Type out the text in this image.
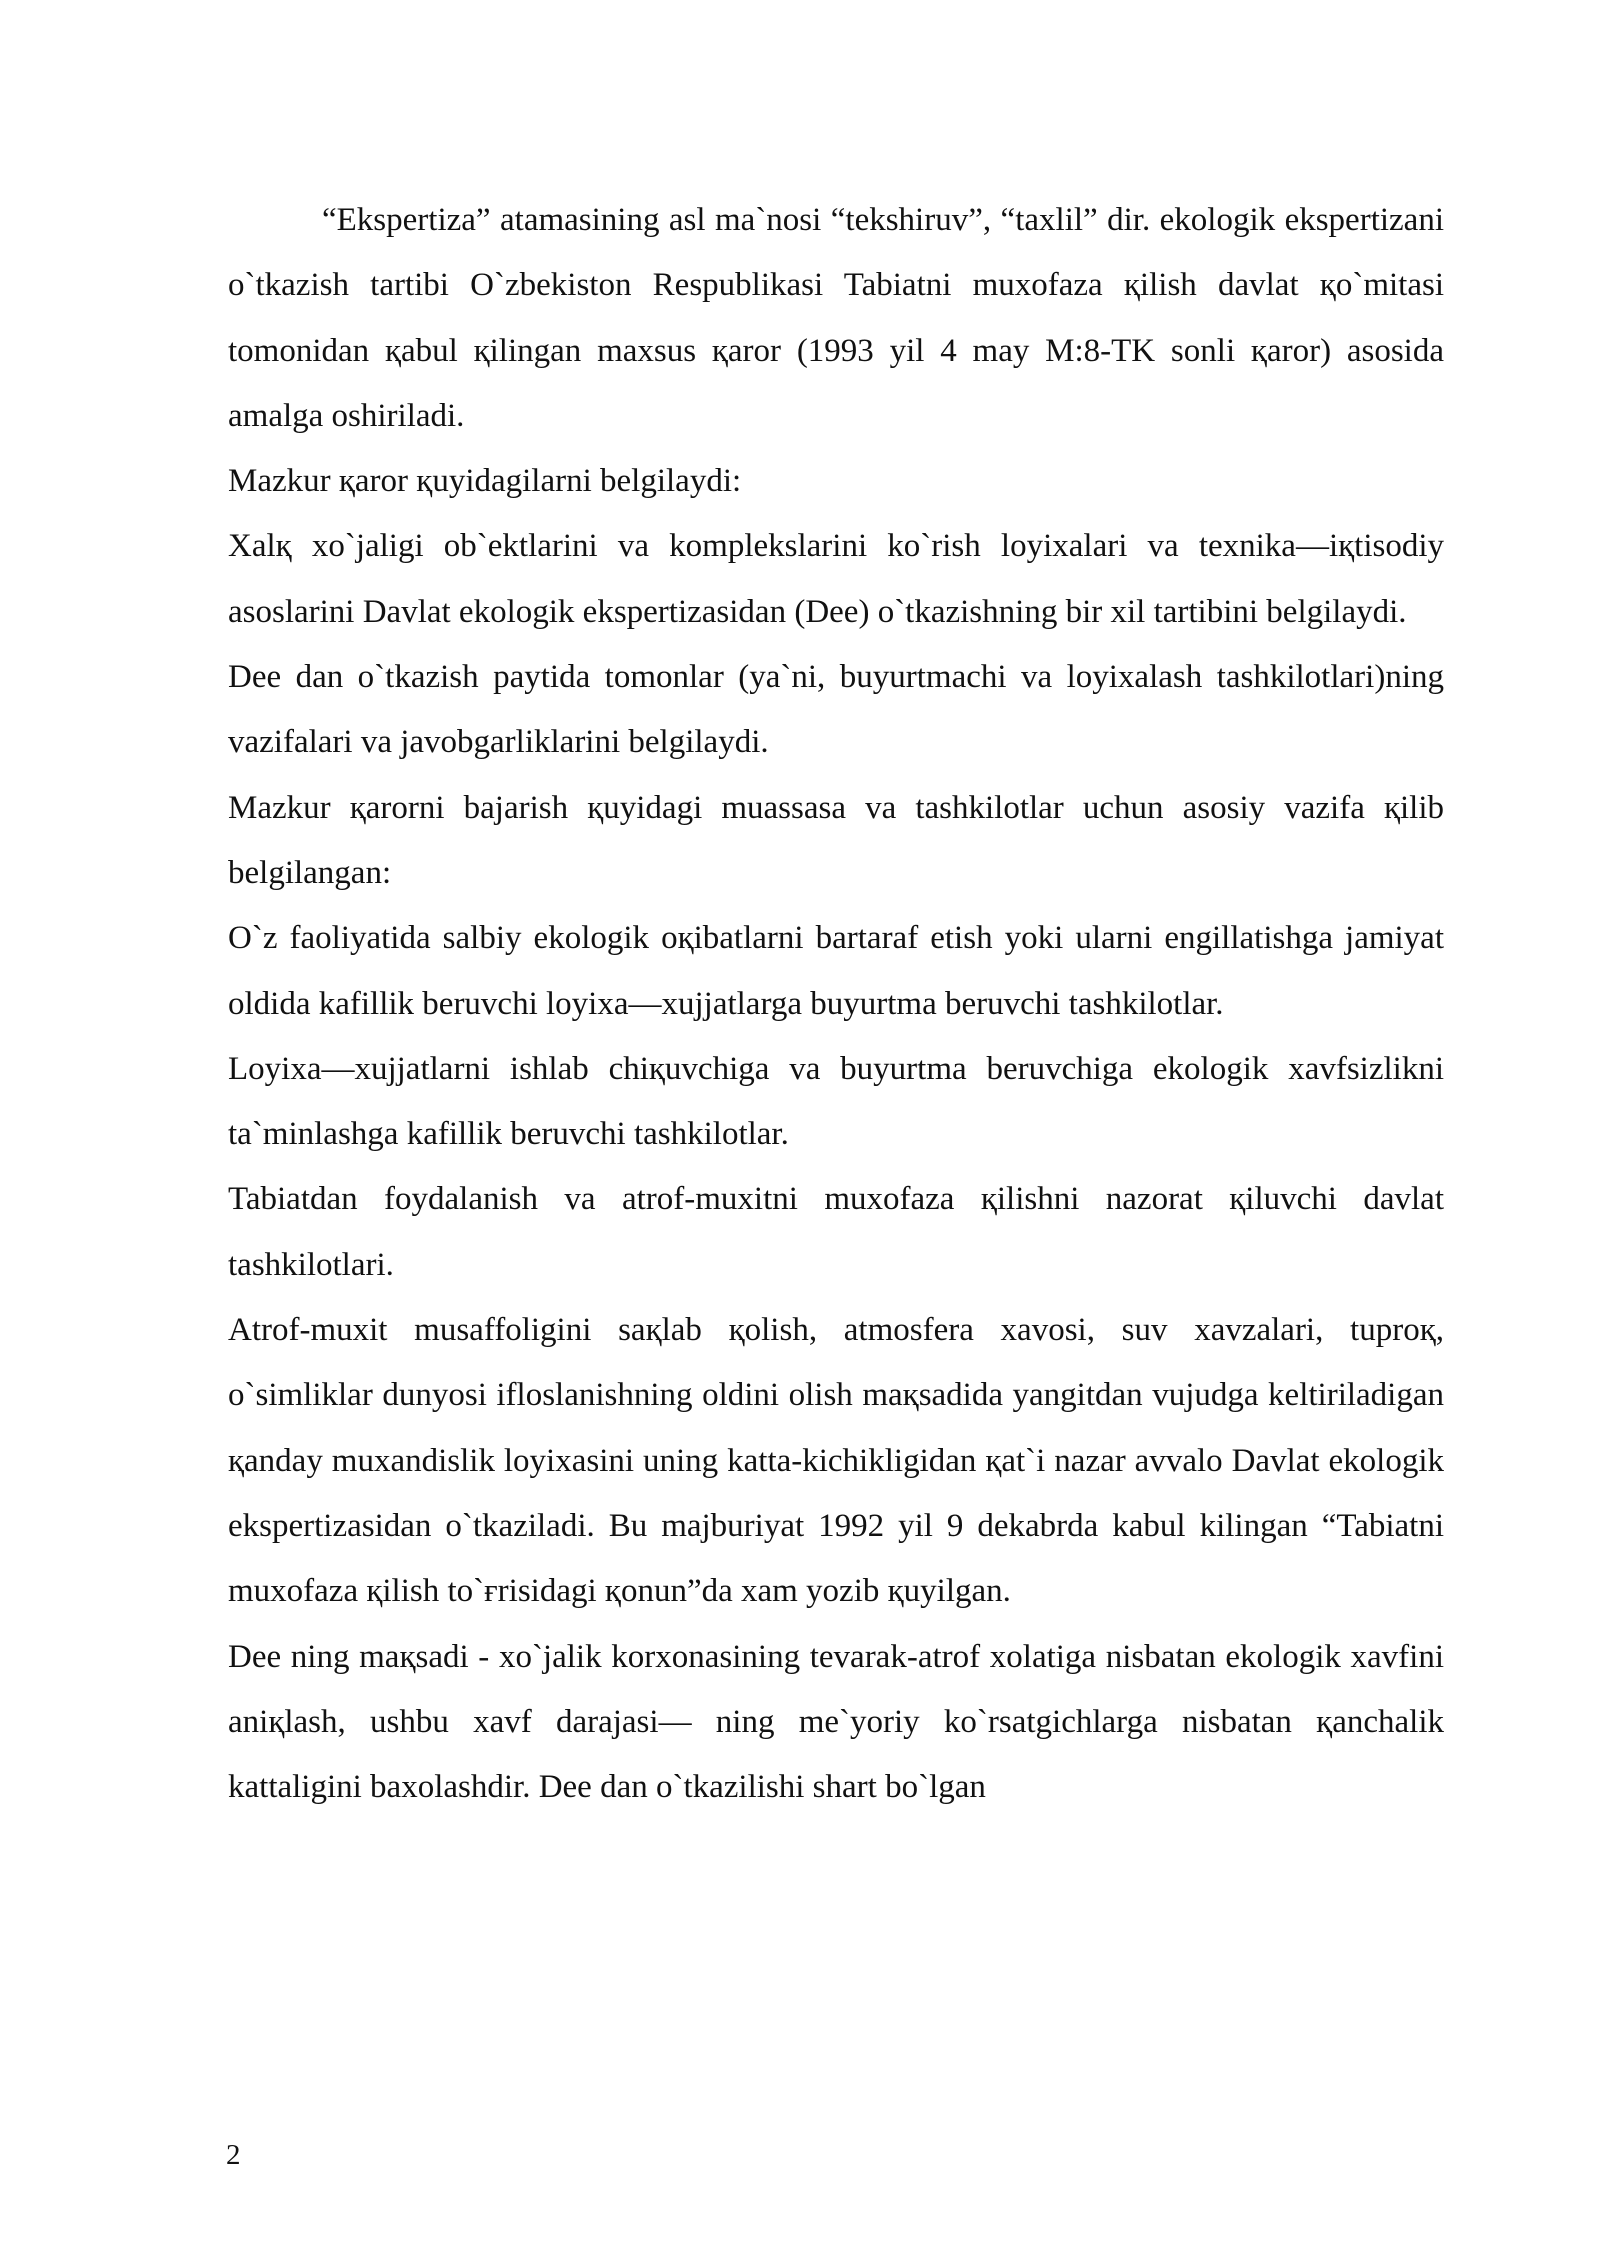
“Ekspertiza” atamasining asl ma`nosi “tekshiruv”, “taxlil” dir. ekologik ekspertizani o`tkazish tartibi O`zbekiston Respublikasi Tabiatni muxofaza қilish davlat қo`mitasi tomonidan қabul қilingan maxsus қaror (1993 yil 4 may M:8-TK sonli қaror) asosida amalga oshiriladi.

Mazkur қaror қuyidagilarni belgilaydi:

Xalқ xo`jaligi ob`ektlarini va komplekslarini ko`rish loyixalari va texnika—iқtisodiy asoslarini Davlat ekologik ekspertizasidan (Dee) o`tkazishning bir xil tartibini belgilaydi.

Dee dan o`tkazish paytida tomonlar (ya`ni, buyurtmachi va loyixalash tashkilotlari)ning vazifalari va javobgarliklarini belgilaydi.

Mazkur қarorni bajarish қuyidagi muassasa va tashkilotlar uchun asosiy vazifa қilib belgilangan:

O`z faoliyatida salbiy ekologik oқibatlarni bartaraf etish yoki ularni engillatishga jamiyat oldida kafillik beruvchi loyixa—xujjatlarga buyurtma beruvchi tashkilotlar.

Loyixa—xujjatlarni ishlab chiқuvchiga va buyurtma beruvchiga ekologik xavfsizlikni ta`minlashga kafillik beruvchi tashkilotlar.

Tabiatdan foydalanish va atrof-muxitni muxofaza қilishni nazorat қiluvchi davlat tashkilotlari.

Atrof-muxit musaffoligini saқlab қolish, atmosfera xavosi, suv xavzalari, tuproқ, o`simliklar dunyosi ifloslanishning oldini olish maқsadida yangitdan vujudga keltiriladigan қanday muxandislik loyixasini uning katta-kichikligidan қat`i nazar avvalo Davlat ekologik ekspertizasidan o`tkaziladi. Bu majburiyat 1992 yil 9 dekabrda kabul kilingan “Tabiatni muxofaza қilish to`ғrisidagi қonun”da xam yozib қuyilgan.

Dee ning maқsadi - xo`jalik korxonasining tevarak-atrof xolatiga nisbatan ekologik xavfini aniқlash, ushbu xavf darajasi— ning me`yoriy ko`rsatgichlarga nisbatan қanchalik kattaligini baxolashdir. Dee dan o`tkazilishi shart bo`lgan

2
